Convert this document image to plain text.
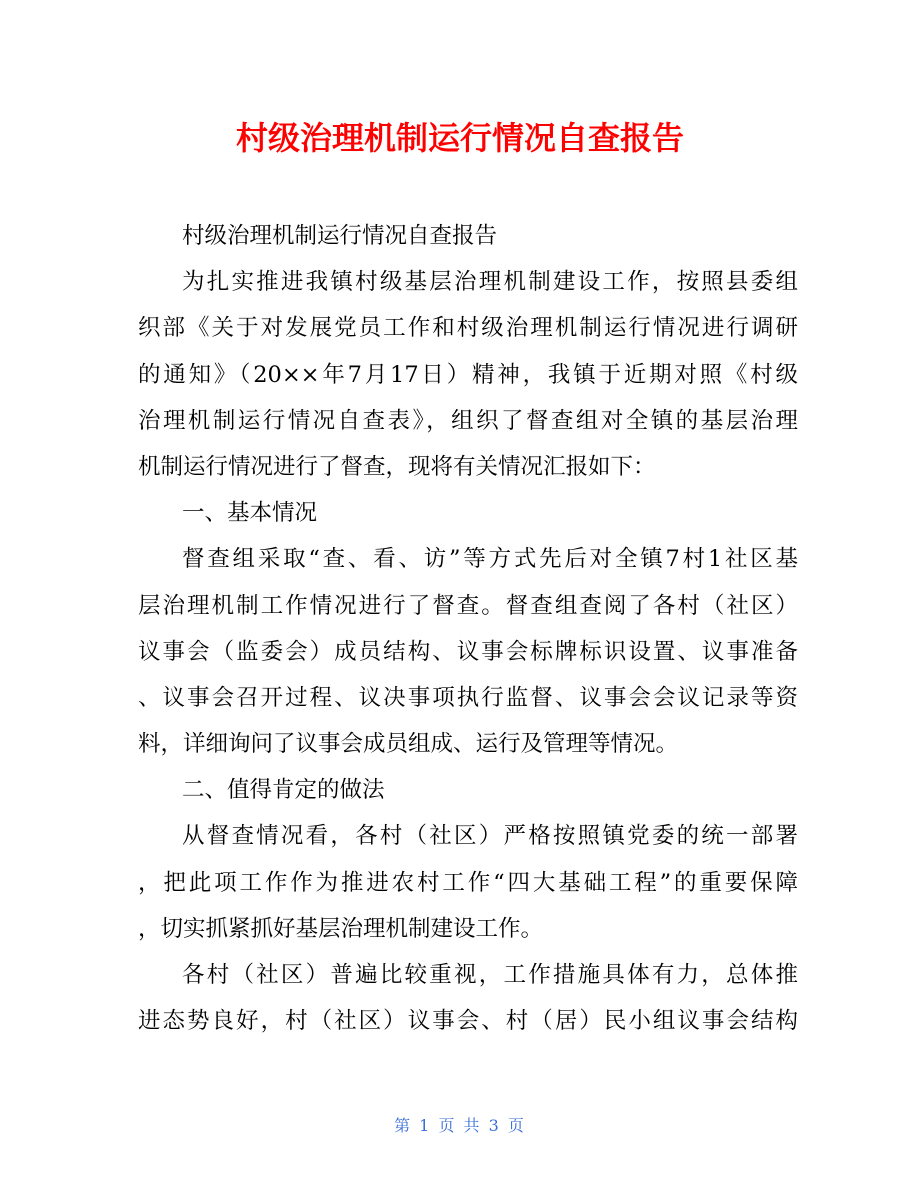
村级治理机制运行情况自查报告
村级治理机制运行情况自查报告
为扎实推进我镇村级基层治理机制建设工作，按照县委组
织部《关于对发展党员工作和村级治理机制运行情况进行调研
的通知》（20××年7月17日）精神，我镇于近期对照《村级
治理机制运行情况自查表》，组织了督查组对全镇的基层治理
机制运行情况进行了督查，现将有关情况汇报如下：
一、基本情况
督查组采取“查、看、访”等方式先后对全镇7村1社区基
层治理机制工作情况进行了督查。督查组查阅了各村（社区）
议事会（监委会）成员结构、议事会标牌标识设置、议事准备
、议事会召开过程、议决事项执行监督、议事会会议记录等资
料，详细询问了议事会成员组成、运行及管理等情况。
二、值得肯定的做法
从督查情况看，各村（社区）严格按照镇党委的统一部署
，把此项工作作为推进农村工作“四大基础工程”的重要保障
，切实抓紧抓好基层治理机制建设工作。
各村（社区）普遍比较重视，工作措施具体有力，总体推
进态势良好，村（社区）议事会、村（居）民小组议事会结构
第 1 页 共 3 页
